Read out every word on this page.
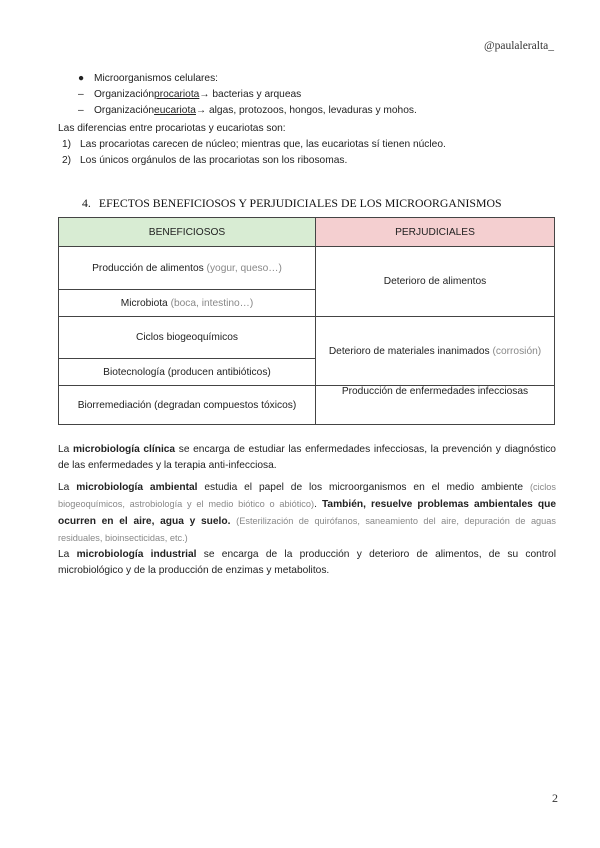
@paulaleralta_
● Microorganismos celulares:
–	Organización procariota → bacterias y arqueas
–	Organización eucariota → algas, protozoos, hongos, levaduras y mohos.
Las diferencias entre procariotas y eucariotas son:
1) Las procariotas carecen de núcleo; mientras que, las eucariotas sí tienen núcleo.
2) Los únicos orgánulos de las procariotas son los ribosomas.
4. EFECTOS BENEFICIOSOS Y PERJUDICIALES DE LOS MICROORGANISMOS
BENEFICIOSOS	PERJUDICIALES
Producción de alimentos (yogur, queso…)	Deterioro de alimentos
Microbiota (boca, intestino…)	
Ciclos biogeoquímicos	Deterioro de materiales inanimados (corrosión)
Biotecnología (producen antibióticos)	
Biorremediación (degradan compuestos tóxicos)	Producción de enfermedades infecciosas
La microbiología clínica se encarga de estudiar las enfermedades infecciosas, la prevención y diagnóstico de las enfermedades y la terapia anti-infecciosa.
La microbiología ambiental estudia el papel de los microorganismos en el medio ambiente (ciclos biogeoquímicos, astrobiología y el medio biótico o abiótico). También, resuelve problemas ambientales que ocurren en el aire, agua y suelo. (Esterilización de quirófanos, saneamiento del aire, depuración de aguas residuales, bioinsecticidas, etc.)
La microbiología industrial se encarga de la producción y deterioro de alimentos, de su control microbiológico y de la producción de enzimas y metabolitos.
2
